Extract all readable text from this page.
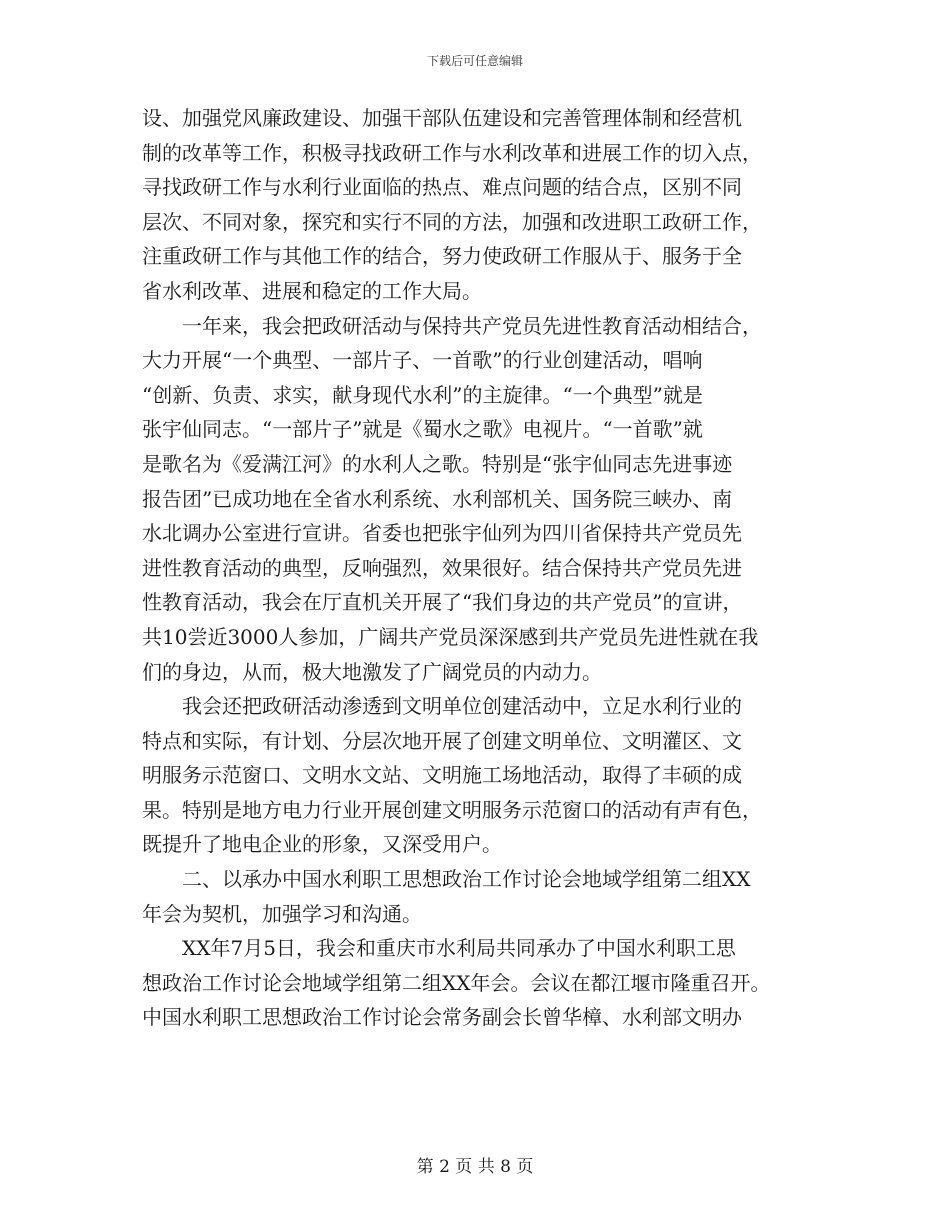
下载后可任意编辑
设、加强党风廉政建设、加强干部队伍建设和完善管理体制和经营机
制的改革等工作，积极寻找政研工作与水利改革和进展工作的切入点，
寻找政研工作与水利行业面临的热点、难点问题的结合点，区别不同
层次、不同对象，探究和实行不同的方法，加强和改进职工政研工作，
注重政研工作与其他工作的结合，努力使政研工作服从于、服务于全
省水利改革、进展和稳定的工作大局。
　　一年来，我会把政研活动与保持共产党员先进性教育活动相结合，
大力开展“一个典型、一部片子、一首歌”的行业创建活动，唱响
“创新、负责、求实，献身现代水利”的主旋律。“一个典型”就是
张宇仙同志。“一部片子”就是《蜀水之歌》电视片。“一首歌”就
是歌名为《爱满江河》的水利人之歌。特别是“张宇仙同志先进事迹
报告团”已成功地在全省水利系统、水利部机关、国务院三峡办、南
水北调办公室进行宣讲。省委也把张宇仙列为四川省保持共产党员先
进性教育活动的典型，反响强烈，效果很好。结合保持共产党员先进
性教育活动，我会在厅直机关开展了“我们身边的共产党员”的宣讲，
共10尝近3000人参加，广阔共产党员深深感到共产党员先进性就在我
们的身边，从而，极大地激发了广阔党员的内动力。
　　我会还把政研活动渗透到文明单位创建活动中，立足水利行业的
特点和实际，有计划、分层次地开展了创建文明单位、文明灌区、文
明服务示范窗口、文明水文站、文明施工场地活动，取得了丰硕的成
果。特别是地方电力行业开展创建文明服务示范窗口的活动有声有色，
既提升了地电企业的形象，又深受用户。
　　二、以承办中国水利职工思想政治工作讨论会地域学组第二组XX
年会为契机，加强学习和沟通。
　　XX年7月5日，我会和重庆市水利局共同承办了中国水利职工思
想政治工作讨论会地域学组第二组XX年会。会议在都江堰市隆重召开。
中国水利职工思想政治工作讨论会常务副会长曾华樟、水利部文明办
第 2 页 共 8 页
